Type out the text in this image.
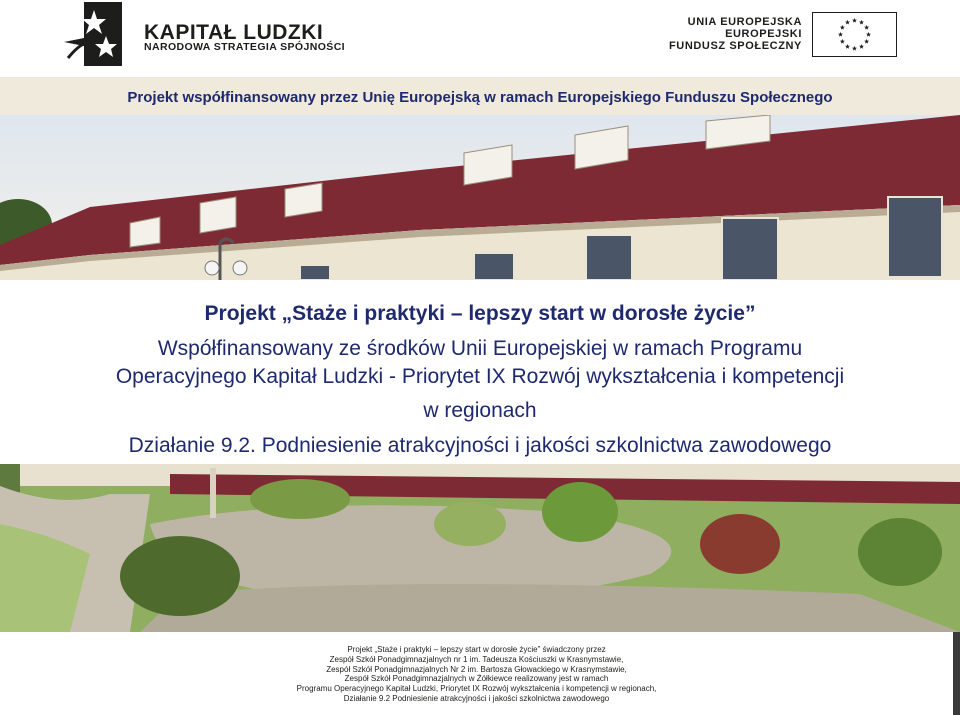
KAPITAŁ LUDZKI
NARODOWA STRATEGIA SPÓJNOŚCI
UNIA EUROPEJSKA
EUROPEJSKI
FUNDUSZ SPOŁECZNY
Projekt współfinansowany przez Unię Europejską w ramach Europejskiego Funduszu Społecznego
Projekt „Staże i praktyki – lepszy start w dorosłe życie”
Współfinansowany ze środków Unii Europejskiej w ramach Programu
Operacyjnego Kapitał Ludzki - Priorytet IX Rozwój wykształcenia i kompetencji
w regionach
Działanie 9.2. Podniesienie atrakcyjności i jakości szkolnictwa zawodowego
Projekt „Staże i praktyki – lepszy start w dorosłe życie” świadczony przez
Zespół Szkół Ponadgimnazjalnych nr 1 im. Tadeusza Kościuszki w Krasnymstawie,
Zespół Szkół Ponadgimnazjalnych Nr 2 im. Bartosza Głowackiego w Krasnymstawie,
Zespół Szkół Ponadgimnazjalnych w Żółkiewce realizowany jest w ramach
Programu Operacyjnego Kapitał Ludzki, Priorytet IX Rozwój wykształcenia i kompetencji w regionach,
Działanie 9.2 Podniesienie atrakcyjności i jakości szkolnictwa zawodowego
